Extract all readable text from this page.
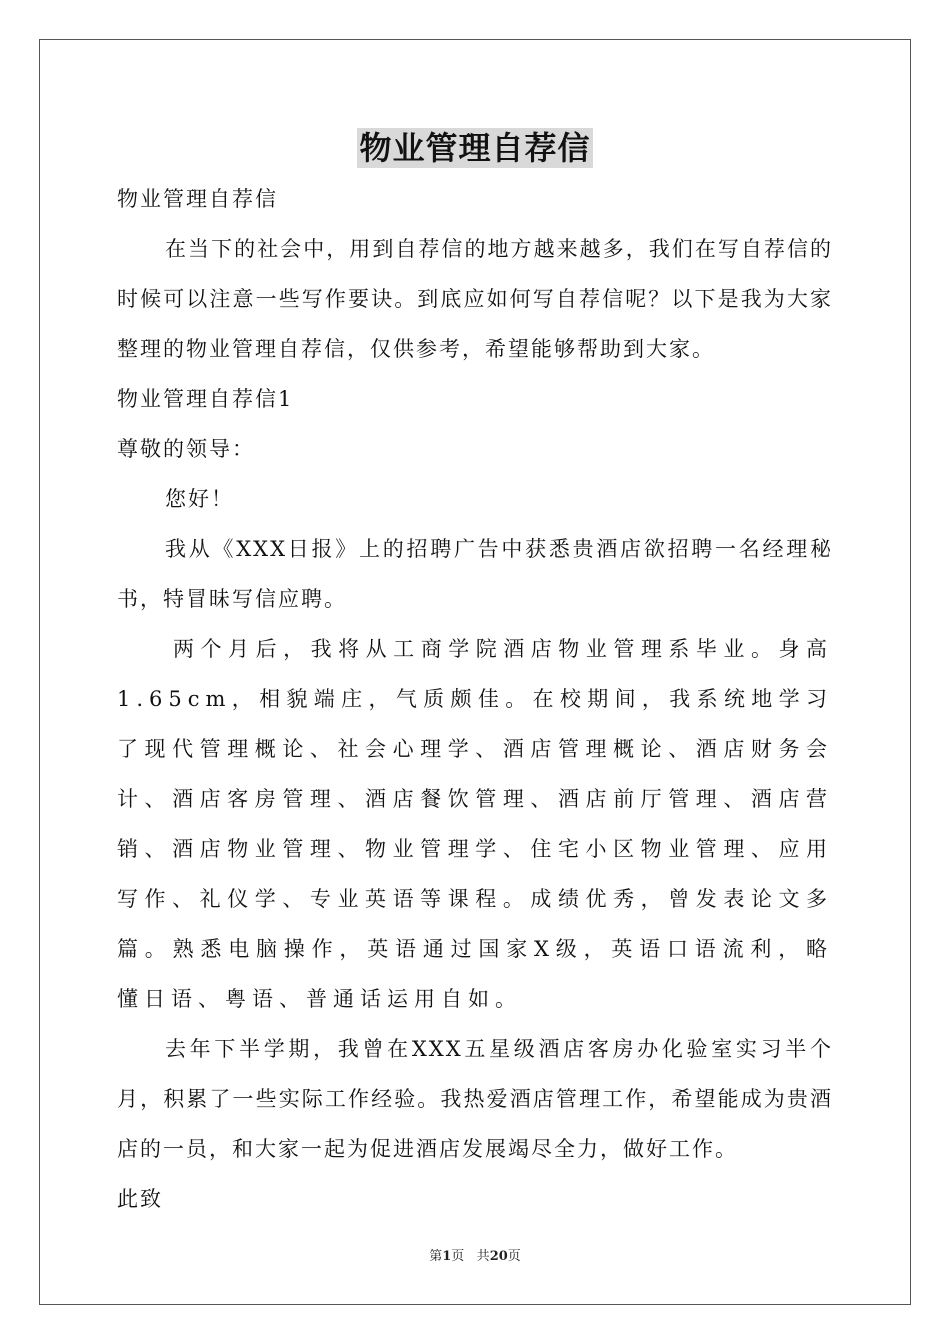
物业管理自荐信

物业管理自荐信

在当下的社会中，用到自荐信的地方越来越多，我们在写自荐信的时候可以注意一些写作要诀。到底应如何写自荐信呢？以下是我为大家整理的物业管理自荐信，仅供参考，希望能够帮助到大家。

物业管理自荐信1

尊敬的领导：

您好！

我从《XXX日报》上的招聘广告中获悉贵酒店欲招聘一名经理秘书，特冒昧写信应聘。

两个月后，我将从工商学院酒店物业管理系毕业。身高1.65cm，相貌端庄，气质颇佳。在校期间，我系统地学习了现代管理概论、社会心理学、酒店管理概论、酒店财务会计、酒店客房管理、酒店餐饮管理、酒店前厅管理、酒店营销、酒店物业管理、物业管理学、住宅小区物业管理、应用写作、礼仪学、专业英语等课程。成绩优秀，曾发表论文多篇。熟悉电脑操作，英语通过国家X级，英语口语流利，略懂日语、粤语、普通话运用自如。

去年下半学期，我曾在XXX五星级酒店客房办化验室实习半个月，积累了一些实际工作经验。我热爱酒店管理工作，希望能成为贵酒店的一员，和大家一起为促进酒店发展竭尽全力，做好工作。

此致

第1页 共20页
